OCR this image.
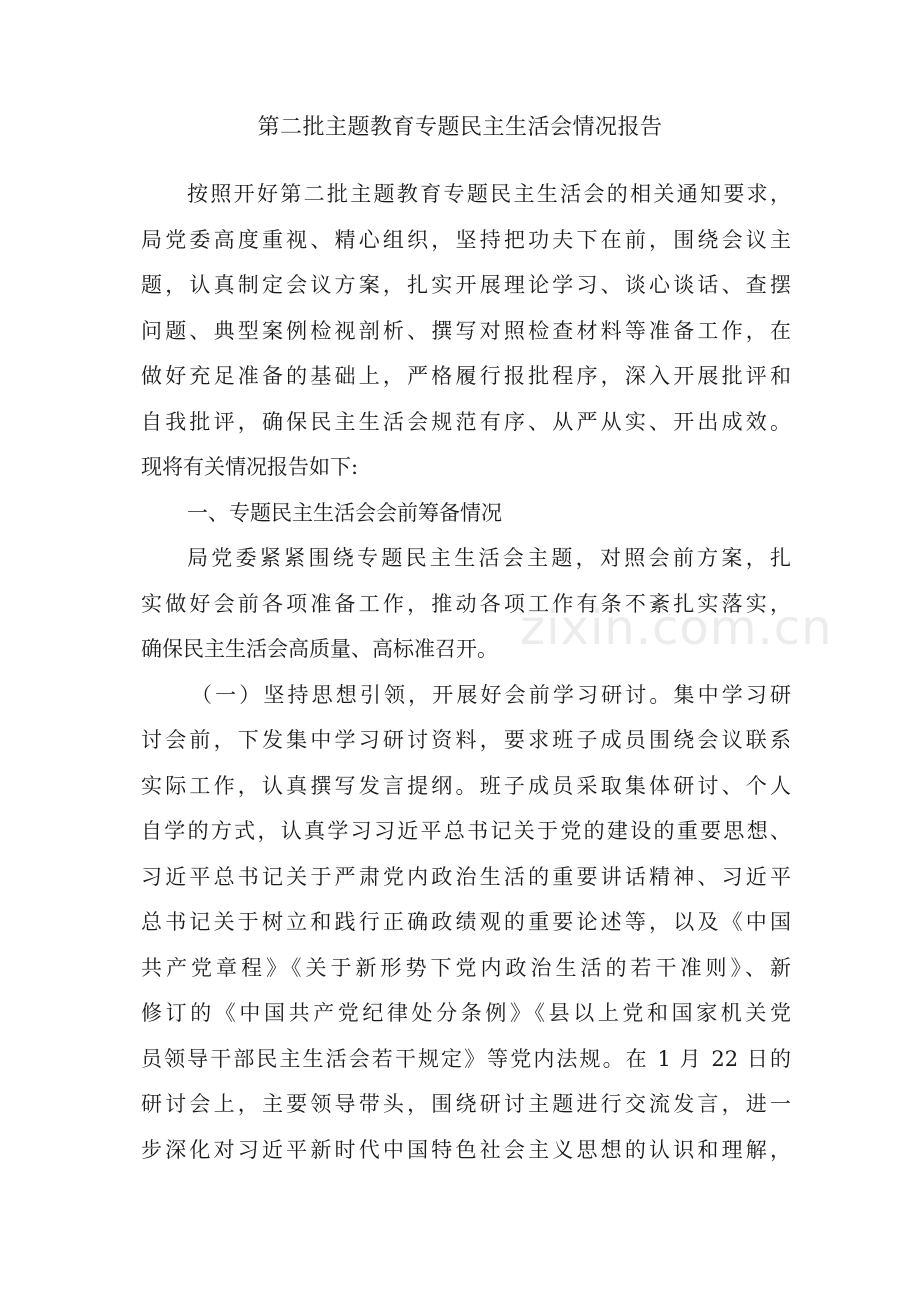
第二批主题教育专题民主生活会情况报告
按照开好第二批主题教育专题民主生活会的相关通知要求，
局党委高度重视、精心组织，坚持把功夫下在前，围绕会议主
题，认真制定会议方案，扎实开展理论学习、谈心谈话、查摆
问题、典型案例检视剖析、撰写对照检查材料等准备工作，在
做好充足准备的基础上，严格履行报批程序，深入开展批评和
自我批评，确保民主生活会规范有序、从严从实、开出成效。
现将有关情况报告如下:
一、专题民主生活会会前筹备情况
局党委紧紧围绕专题民主生活会主题，对照会前方案，扎
实做好会前各项准备工作，推动各项工作有条不紊扎实落实，
确保民主生活会高质量、高标准召开。
（一）坚持思想引领，开展好会前学习研讨。集中学习研
讨会前，下发集中学习研讨资料，要求班子成员围绕会议联系
实际工作，认真撰写发言提纲。班子成员采取集体研讨、个人
自学的方式，认真学习习近平总书记关于党的建设的重要思想、
习近平总书记关于严肃党内政治生活的重要讲话精神、习近平
总书记关于树立和践行正确政绩观的重要论述等，以及《中国
共产党章程》《关于新形势下党内政治生活的若干准则》、新
修订的《中国共产党纪律处分条例》《县以上党和国家机关党
员领导干部民主生活会若干规定》等党内法规。在 1 月 22 日的
研讨会上，主要领导带头，围绕研讨主题进行交流发言，进一
步深化对习近平新时代中国特色社会主义思想的认识和理解，
zixin.com.cn
